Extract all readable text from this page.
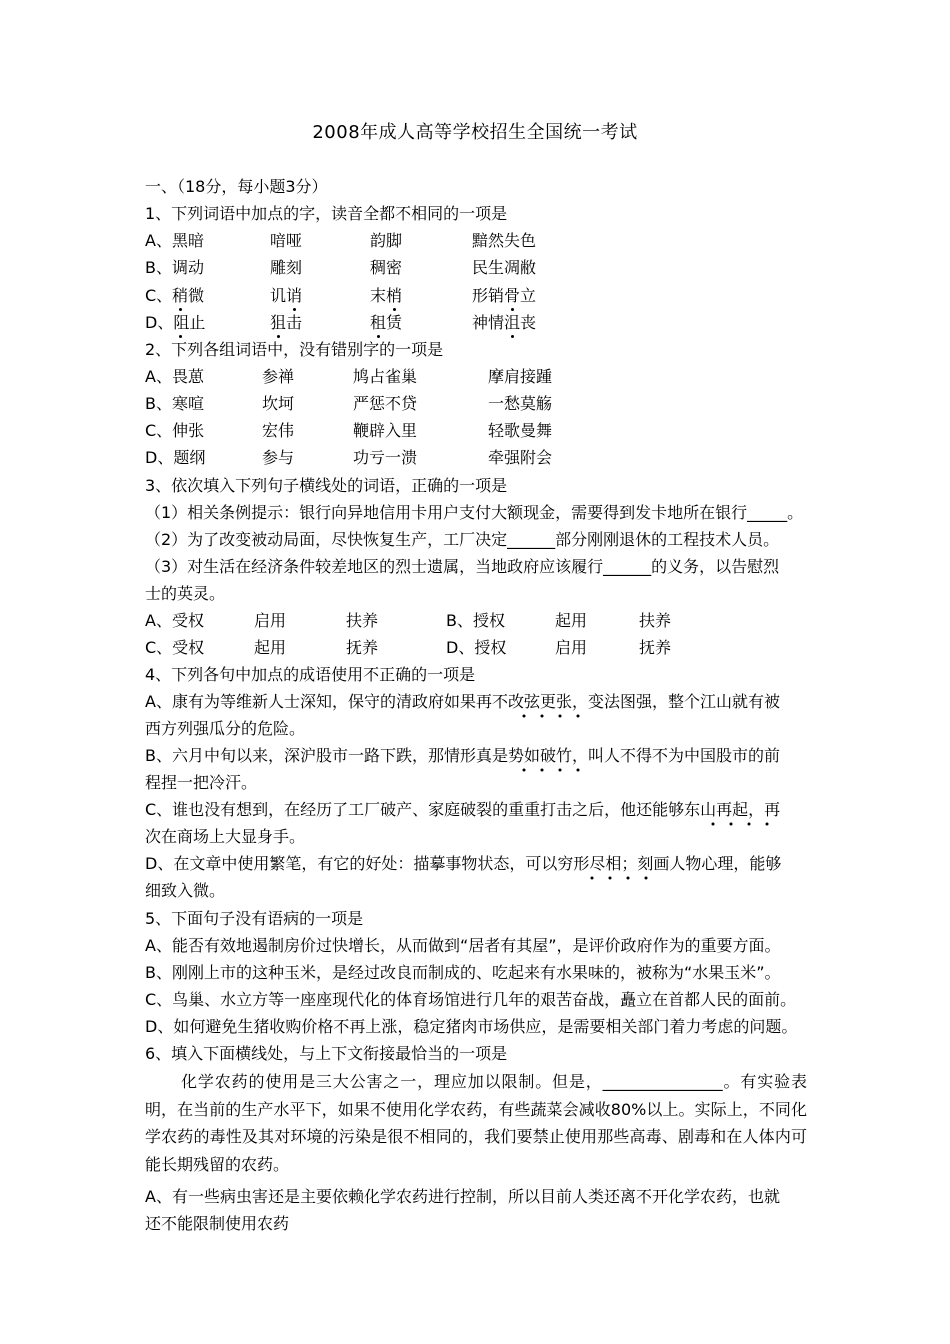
2008年成人高等学校招生全国统一考试
一、（18分，每小题3分）
1、下列词语中加点的字，读音全都不相同的一项是
A、黑暗	喑哑	韵脚	黯然失色
B、调动	雕刻	稠密	民生凋敝
C、稍微	讥诮	末梢	形销骨立
D、阻止	狙击	租赁	神情沮丧
2、下列各组词语中，没有错别字的一项是
A、畏葸	参禅	鸠占雀巢	摩肩接踵
B、寒喧	坎坷	严惩不贷	一愁莫觞
C、伸张	宏伟	鞭辟入里	轻歌曼舞
D、题纲	参与	功亏一溃	牵强附会
3、依次填入下列句子横线处的词语，正确的一项是
（1）相关条例提示：银行向异地信用卡用户支付大额现金，需要得到发卡地所在银行_____。
（2）为了改变被动局面，尽快恢复生产，工厂决定______部分刚刚退休的工程技术人员。
（3）对生活在经济条件较差地区的烈士遗属，当地政府应该履行______的义务，以告慰烈
士的英灵。
A、受权	启用	扶养	B、授权	起用	扶养
C、受权	起用	抚养	D、授权	启用	抚养
4、下列各句中加点的成语使用不正确的一项是
A、康有为等维新人士深知，保守的清政府如果再不改弦更张，变法图强，整个江山就有被
西方列强瓜分的危险。
B、六月中旬以来，深沪股市一路下跌，那情形真是势如破竹，叫人不得不为中国股市的前
程捏一把冷汗。
C、谁也没有想到，在经历了工厂破产、家庭破裂的重重打击之后，他还能够东山再起，再
次在商场上大显身手。
D、在文章中使用繁笔，有它的好处：描摹事物状态，可以穷形尽相；刻画人物心理，能够
细致入微。
5、下面句子没有语病的一项是
A、能否有效地遏制房价过快增长，从而做到“居者有其屋”，是评价政府作为的重要方面。
B、刚刚上市的这种玉米，是经过改良而制成的、吃起来有水果味的，被称为“水果玉米”。
C、鸟巢、水立方等一座座现代化的体育场馆进行几年的艰苦奋战，矗立在首都人民的面前。
D、如何避免生猪收购价格不再上涨，稳定猪肉市场供应，是需要相关部门着力考虑的问题。
6、填入下面横线处，与上下文衔接最恰当的一项是
化学农药的使用是三大公害之一，理应加以限制。但是，_______________。有实验表明，在当前的生产水平下，如果不使用化学农药，有些蔬菜会减收80%以上。实际上，不同化学农药的毒性及其对环境的污染是很不相同的，我们要禁止使用那些高毒、剧毒和在人体内可能长期残留的农药。
A、有一些病虫害还是主要依赖化学农药进行控制，所以目前人类还离不开化学农药，也就
还不能限制使用农药
